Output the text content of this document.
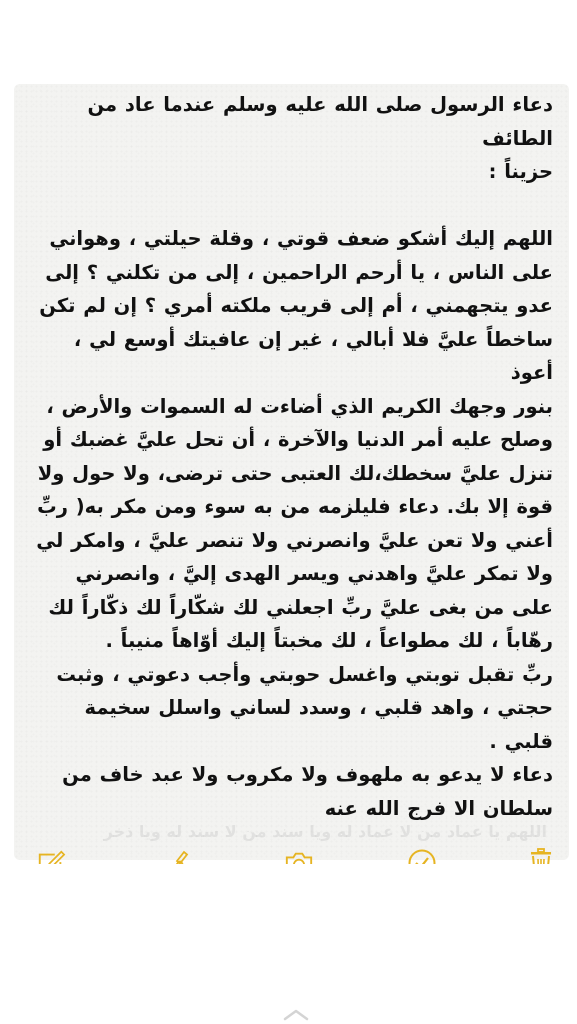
دعاء الرسول صلى الله عليه وسلم عندما عاد من الطائف

حزيناً :

اللهم إليك أشكو ضعف قوتي ، وقلة حيلتي ، وهواني

على الناس ، يا أرحم الراحمين ، إلى من تكلني ؟ إلى

عدو يتجهمني ، أم إلى قريب ملكته أمري ؟ إن لم تكن

ساخطاً عليَّ فلا أبالي ، غير إن عافيتك أوسع لي ، أعوذ

بنور وجهك الكريم الذي أضاءت له السموات والأرض ،

وصلح عليه أمر الدنيا والآخرة ، أن تحل عليَّ غضبك أو

تنزل عليَّ سخطك،لك العتبى حتى ترضى، ولا حول ولا

قوة إلا بك. دعاء فليلزمه من به سوء ومن مكر به( ربِّ

أعني ولا تعن عليَّ وانصرني ولا تنصر عليَّ ، وامكر لي

ولا تمكر عليَّ واهدني ويسر الهدى إليَّ ، وانصرني

على من بغى عليَّ ربِّ اجعلني لك شكّاراً لك ذكّاراً لك

رهّاباً ، لك مطواعاً ، لك مخبتاً إليك أوّاهاً منيباً .

ربِّ تقبل توبتي واغسل حوبتي وأجب دعوتي ، وثبت

حجتي ، واهد قلبي ، وسدد لساني واسلل سخيمة

قلبي .

دعاء لا يدعو به ملهوف ولا مكروب ولا عبد خاف من

سلطان الا فرج الله عنه

اللهم يا عماد من لا عماد له ويا سند من لا سند له ويا ذخر
